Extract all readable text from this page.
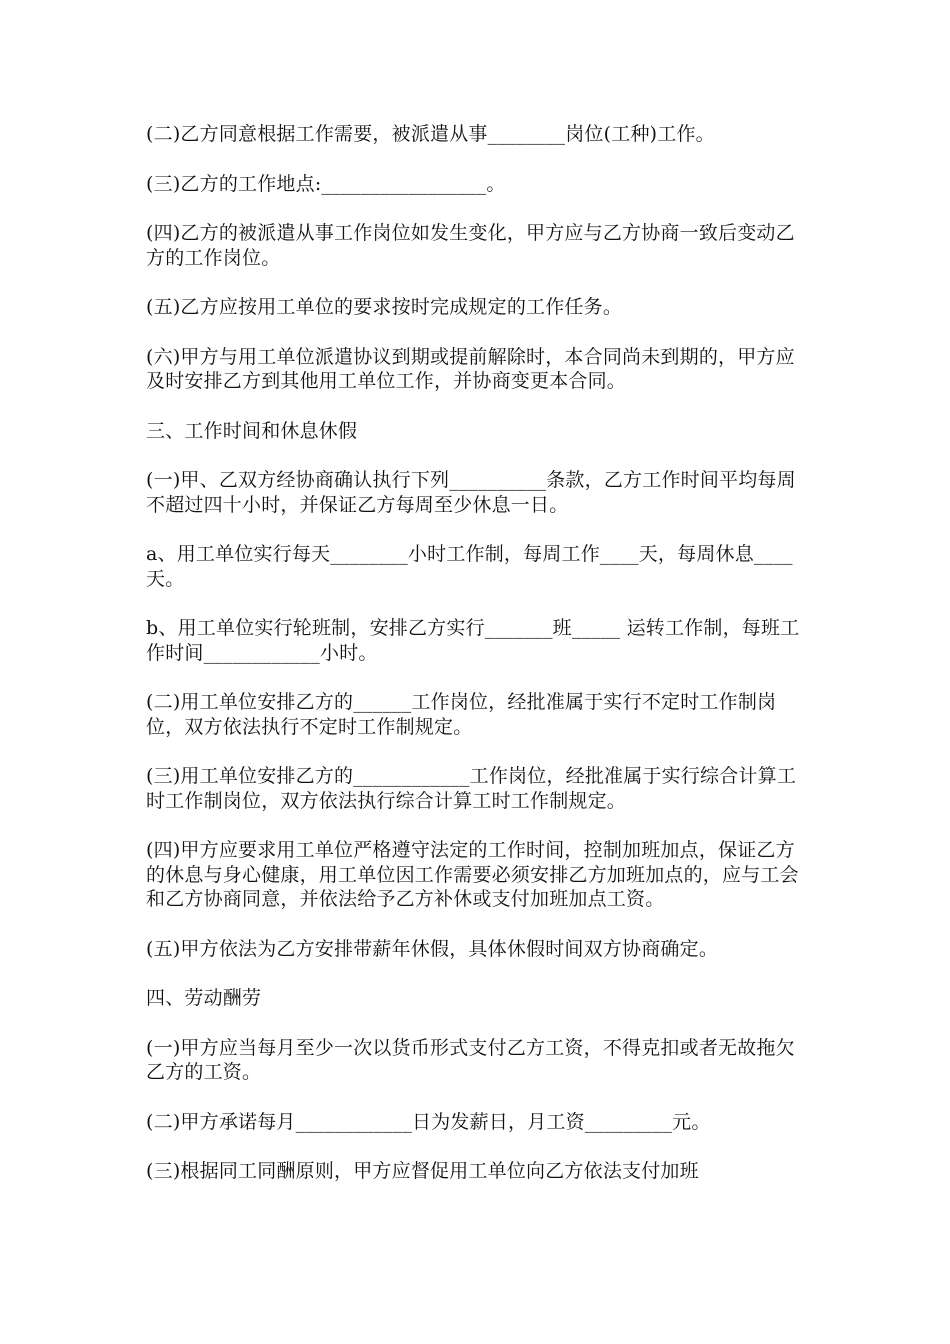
(二)乙方同意根据工作需要，被派遣从事________岗位(工种)工作。

(三)乙方的工作地点:_________________。

(四)乙方的被派遣从事工作岗位如发生变化，甲方应与乙方协商一致后变动乙方的工作岗位。

(五)乙方应按用工单位的要求按时完成规定的工作任务。

(六)甲方与用工单位派遣协议到期或提前解除时，本合同尚未到期的，甲方应及时安排乙方到其他用工单位工作，并协商变更本合同。

三、工作时间和休息休假

(一)甲、乙双方经协商确认执行下列__________条款，乙方工作时间平均每周不超过四十小时，并保证乙方每周至少休息一日。

a、用工单位实行每天________小时工作制，每周工作____天，每周休息____天。

b、用工单位实行轮班制，安排乙方实行_______班_____ 运转工作制，每班工作时间____________小时。

(二)用工单位安排乙方的______工作岗位，经批准属于实行不定时工作制岗位，双方依法执行不定时工作制规定。

(三)用工单位安排乙方的____________工作岗位，经批准属于实行综合计算工时工作制岗位，双方依法执行综合计算工时工作制规定。

(四)甲方应要求用工单位严格遵守法定的工作时间，控制加班加点，保证乙方的休息与身心健康，用工单位因工作需要必须安排乙方加班加点的，应与工会和乙方协商同意，并依法给予乙方补休或支付加班加点工资。

(五)甲方依法为乙方安排带薪年休假，具体休假时间双方协商确定。

四、劳动酬劳

(一)甲方应当每月至少一次以货币形式支付乙方工资，不得克扣或者无故拖欠乙方的工资。

(二)甲方承诺每月____________日为发薪日，月工资_________元。

(三)根据同工同酬原则，甲方应督促用工单位向乙方依法支付加班
